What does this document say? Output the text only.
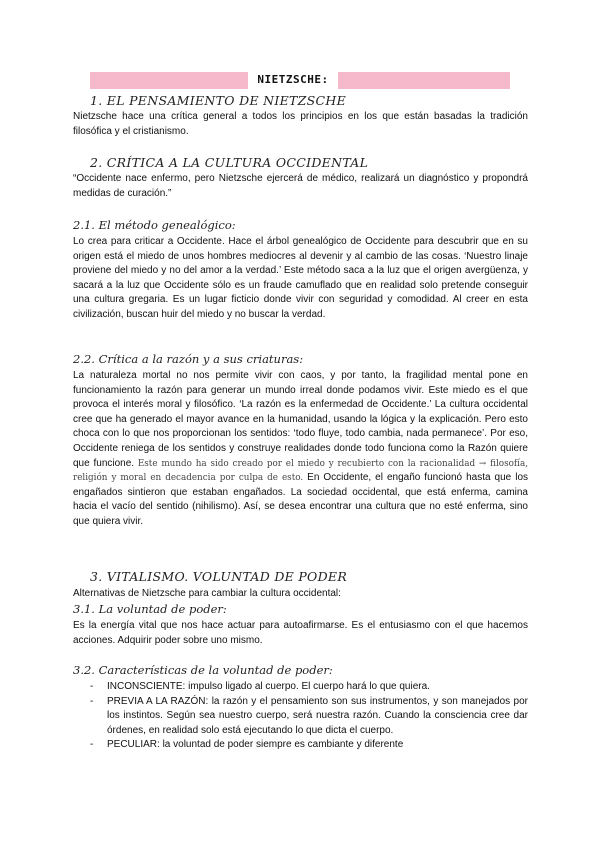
NIETZSCHE:
1. EL PENSAMIENTO DE NIETZSCHE
Nietzsche hace una crítica general a todos los principios en los que están basadas la tradición filosófica y el cristianismo.
2. CRÍTICA A LA CULTURA OCCIDENTAL
“Occidente nace enfermo, pero Nietzsche ejercerá de médico, realizará un diagnóstico y propondrá medidas de curación.”
2.1. El método genealógico:
Lo crea para criticar a Occidente. Hace el árbol genealógico de Occidente para descubrir que en su origen está el miedo de unos hombres mediocres al devenir y al cambio de las cosas. ‘Nuestro linaje proviene del miedo y no del amor a la verdad.’ Este método saca a la luz que el origen avergüenza, y sacará a la luz que Occidente sólo es un fraude camuflado que en realidad solo pretende conseguir una cultura gregaria. Es un lugar ficticio donde vivir con seguridad y comodidad. Al creer en esta civilización, buscan huir del miedo y no buscar la verdad.
2.2. Crítica a la razón y a sus criaturas:
La naturaleza mortal no nos permite vivir con caos, y por tanto, la fragilidad mental pone en funcionamiento la razón para generar un mundo irreal donde podamos vivir. Este miedo es el que provoca el interés moral y filosófico. ‘La razón es la enfermedad de Occidente.’ La cultura occidental cree que ha generado el mayor avance en la humanidad, usando la lógica y la explicación. Pero esto choca con lo que nos proporcionan los sentidos: ‘todo fluye, todo cambia, nada permanece’. Por eso, Occidente reniega de los sentidos y construye realidades donde todo funciona como la Razón quiere que funcione. Este mundo ha sido creado por el miedo y recubierto con la racionalidad → filosofía, religión y moral en decadencia por culpa de esto. En Occidente, el engaño funcionó hasta que los engañados sintieron que estaban engañados. La sociedad occidental, que está enferma, camina hacia el vacío del sentido (nihilismo). Así, se desea encontrar una cultura que no esté enferma, sino que quiera vivir.
3. VITALISMO. VOLUNTAD DE PODER
Alternativas de Nietzsche para cambiar la cultura occidental:
3.1. La voluntad de poder:
Es la energía vital que nos hace actuar para autoafirmarse. Es el entusiasmo con el que hacemos acciones. Adquirir poder sobre uno mismo.
3.2. Características de la voluntad de poder:
- INCONSCIENTE: impulso ligado al cuerpo. El cuerpo hará lo que quiera.
- PREVIA A LA RAZÓN: la razón y el pensamiento son sus instrumentos, y son manejados por los instintos. Según sea nuestro cuerpo, será nuestra razón. Cuando la consciencia cree dar órdenes, en realidad solo está ejecutando lo que dicta el cuerpo.
- PECULIAR: la voluntad de poder siempre es cambiante y diferente
